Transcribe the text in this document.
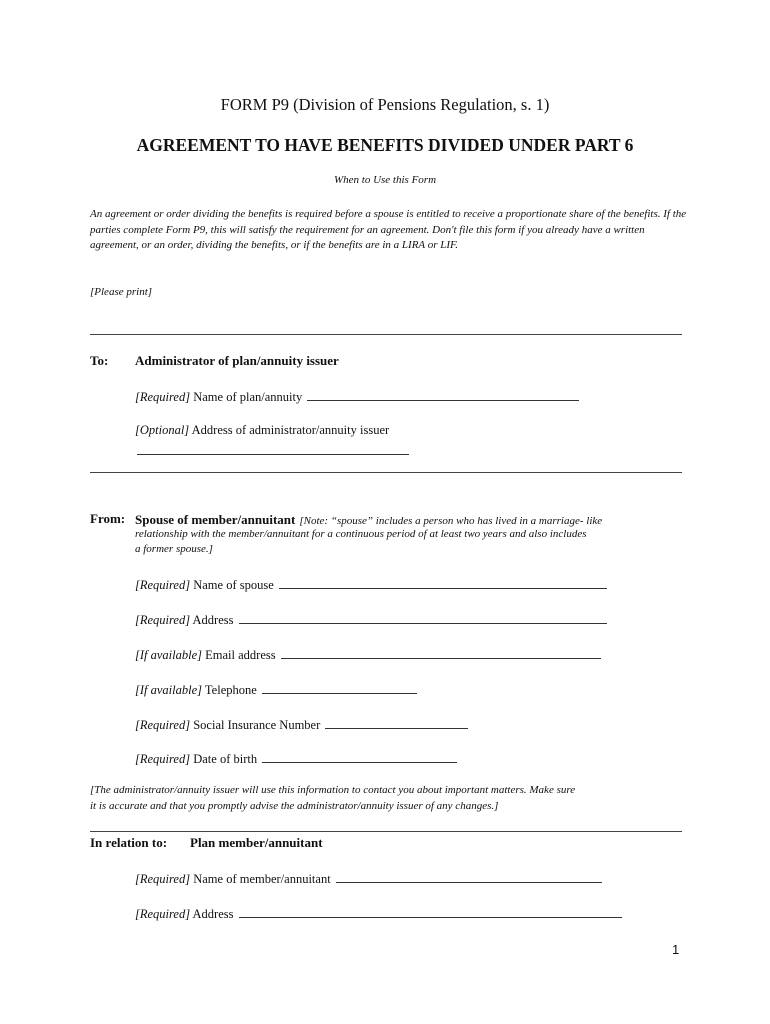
FORM P9 (Division of Pensions Regulation, s. 1)
AGREEMENT TO HAVE BENEFITS DIVIDED UNDER PART 6
When to Use this Form
An agreement or order dividing the benefits is required before a spouse is entitled to receive a proportionate share of the benefits. If the parties complete Form P9, this will satisfy the requirement for an agreement. Don't file this form if you already have a written agreement, or an order, dividing the benefits, or if the benefits are in a LIRA or LIF.
[Please print]
To: Administrator of plan/annuity issuer
[Required] Name of plan/annuity
[Optional] Address of administrator/annuity issuer
From: Spouse of member/annuitant [Note: “spouse” includes a person who has lived in a marriage- like
relationship with the member/annuitant for a continuous period of at least two years and also includes
a former spouse.]
[Required] Name of spouse
[Required] Address
[If available] Email address
[If available] Telephone
[Required] Social Insurance Number
[Required] Date of birth
[The administrator/annuity issuer will use this information to contact you about important matters. Make sure
it is accurate and that you promptly advise the administrator/annuity issuer of any changes.]
In relation to: Plan member/annuitant
[Required] Name of member/annuitant
[Required] Address
1
